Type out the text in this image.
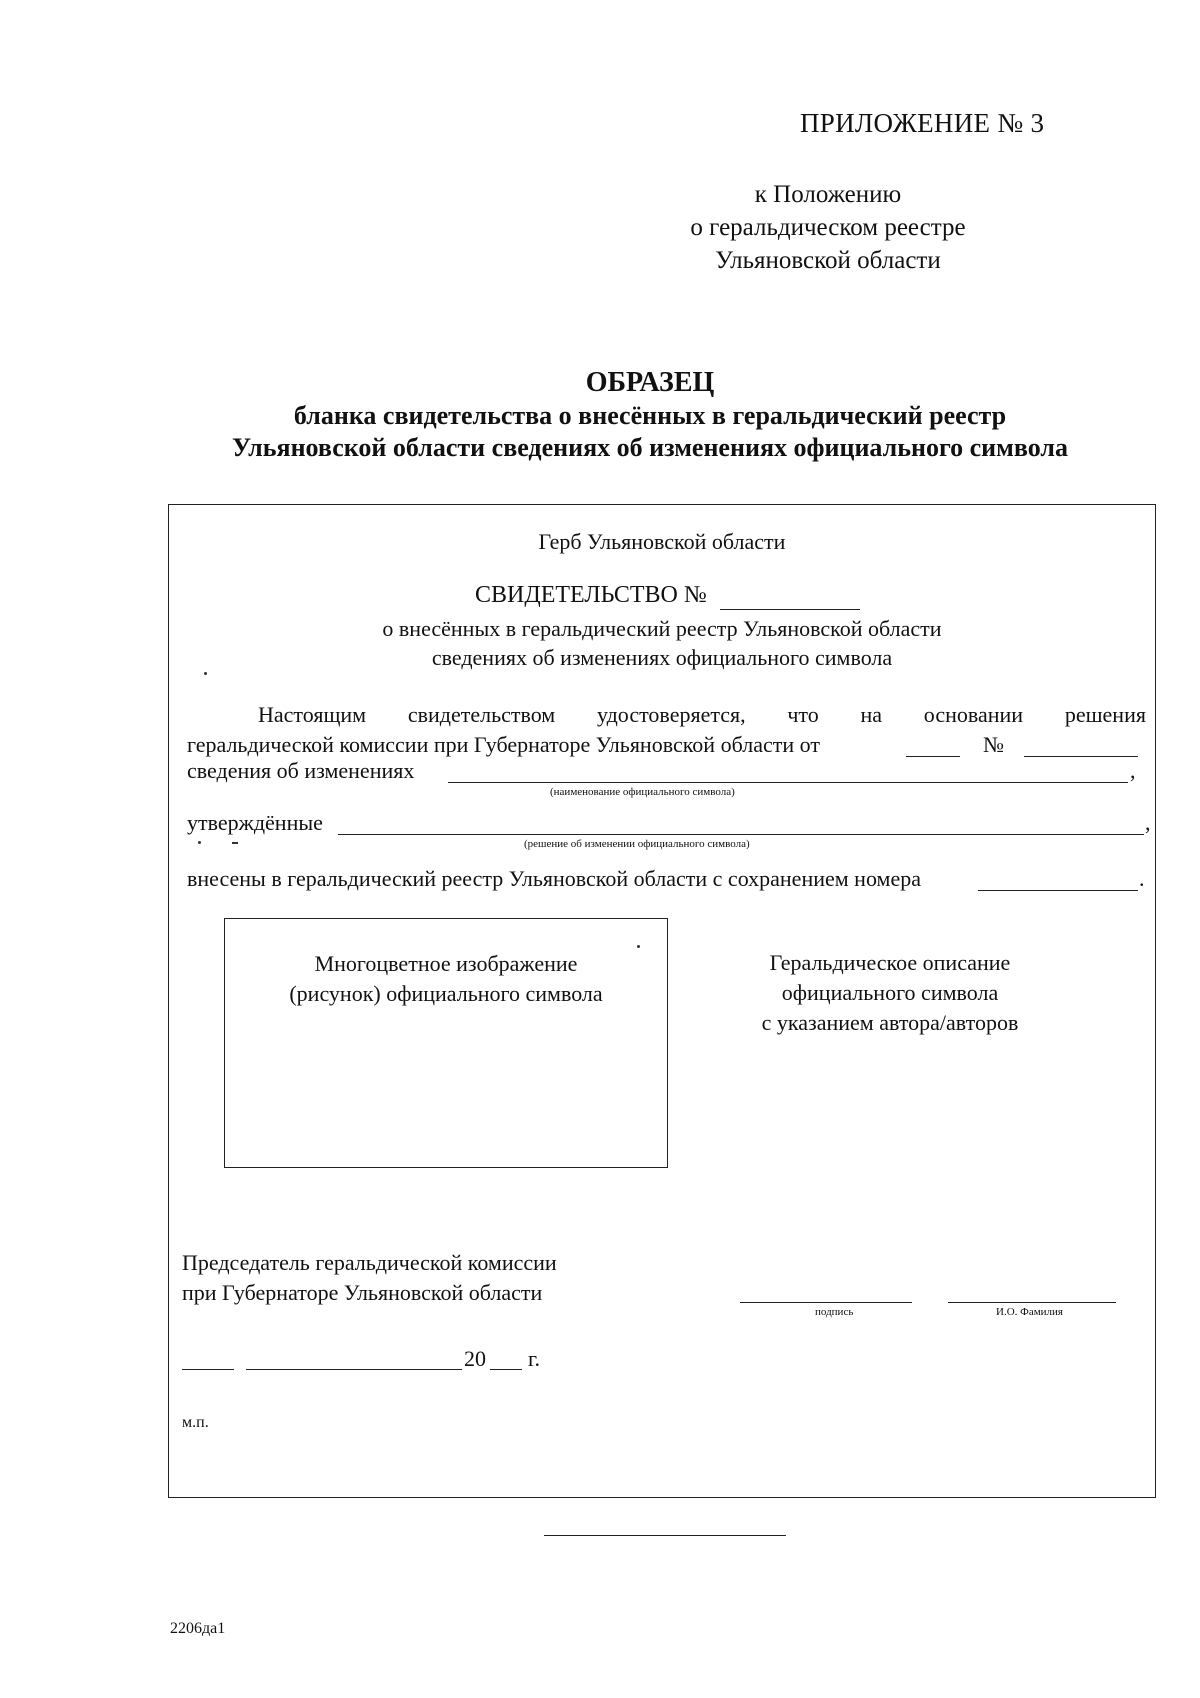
ПРИЛОЖЕНИЕ № 3
к Положению
о геральдическом реестре
Ульяновской области
ОБРАЗЕЦ
бланка свидетельства о внесённых в геральдический реестр
Ульяновской области сведениях об изменениях официального символа
Герб Ульяновской области
СВИДЕТЕЛЬСТВО №
о внесённых в геральдический реестр Ульяновской области
сведениях об изменениях официального символа
Настоящим свидетельством удостоверяется, что на основании решения
геральдической комиссии при Губернаторе Ульяновской области от	№
сведения об изменениях	,
(наименование официального символа)
утверждённые	,
(решение об изменении официального символа)
внесены в геральдический реестр Ульяновской области с сохранением номера	.
Многоцветное изображение
(рисунок) официального символа
Геральдическое описание
официального символа
с указанием автора/авторов
Председатель геральдической комиссии
при Губернаторе Ульяновской области
подпись	И.О. Фамилия
20 г.
м.п.
2206да1
